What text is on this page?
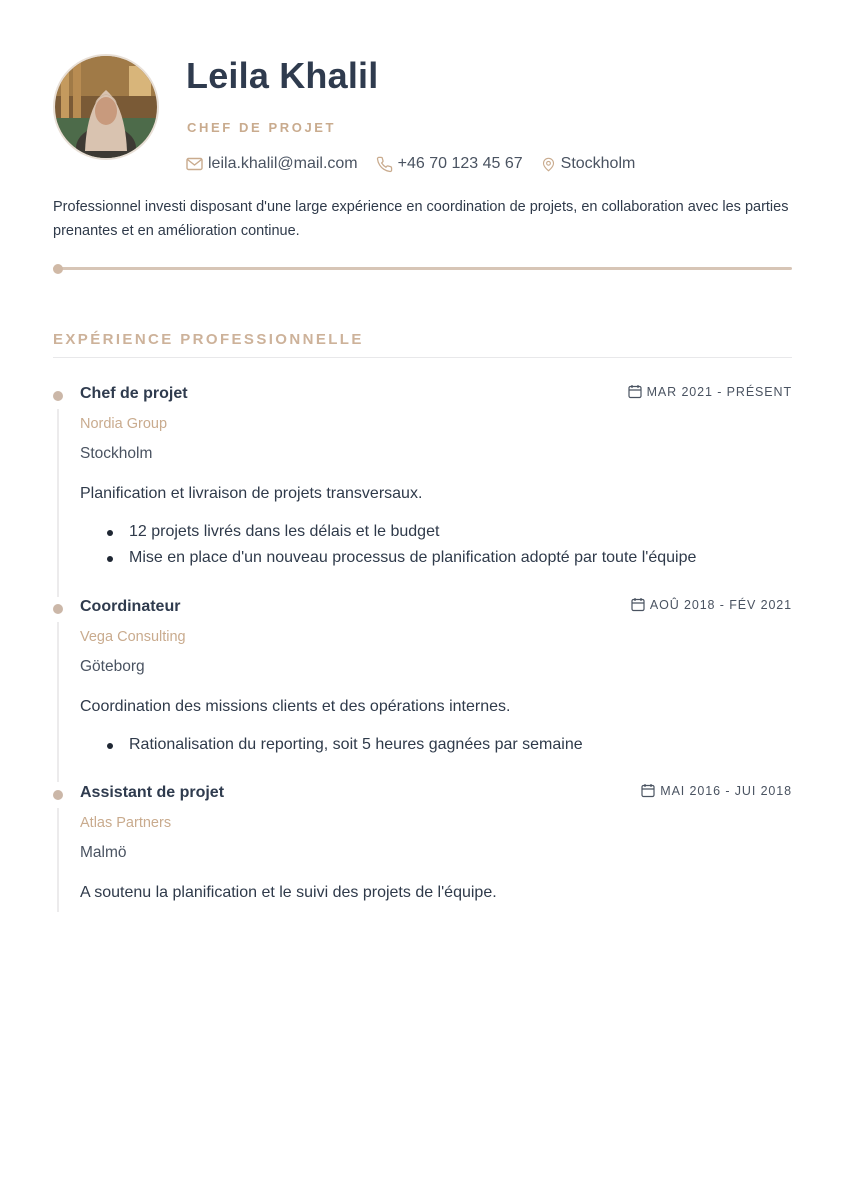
Leila Khalil
CHEF DE PROJET
leila.khalil@mail.com	+46 70 123 45 67 Stockholm

Professionnel investi disposant d'une large expérience en coordination de projets, en collaboration avec les parties prenantes et en amélioration continue.

EXPÉRIENCE PROFESSIONNELLE
Chef de projet	MAR 2021 - PRÉSENT
Nordia Group
Stockholm
Planification et livraison de projets transversaux.
12 projets livrés dans les délais et le budget
Mise en place d'un nouveau processus de planification adopté par toute l'équipe
Coordinateur	AOÛ 2018 - FÉV 2021
Vega Consulting
Göteborg
Coordination des missions clients et des opérations internes.
Rationalisation du reporting, soit 5 heures gagnées par semaine
Assistant de projet	MAI 2016 - JUI 2018
Atlas Partners
Malmö
A soutenu la planification et le suivi des projets de l'équipe.
